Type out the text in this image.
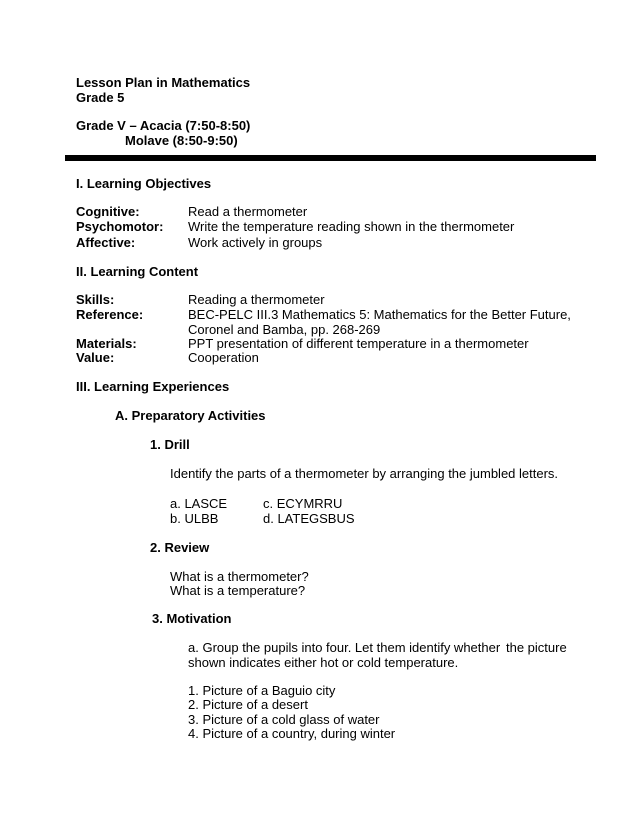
Lesson Plan in Mathematics
Grade 5
Grade V – Acacia (7:50-8:50)
Molave (8:50-9:50)
I. Learning Objectives
Cognitive:	Read a thermometer
Psychomotor: Write the temperature reading shown in the thermometer
Affective:	Work actively in groups
II. Learning Content
Skills:	Reading a thermometer
Reference:	BEC-PELC III.3 Mathematics 5: Mathematics for the Better Future,
Coronel and Bamba, pp. 268-269
Materials:	PPT presentation of different temperature in a thermometer
Value:	Cooperation
III. Learning Experiences
A. Preparatory Activities
1. Drill
Identify the parts of a thermometer by arranging the jumbled letters.
a. LASCE	c. ECYMRRU
b. ULBB	d. LATEGSBUS
2. Review
What is a thermometer?
What is a temperature?
3. Motivation
a. Group the pupils into four. Let them identify whether the picture
shown indicates either hot or cold temperature.
1. Picture of a Baguio city
2. Picture of a desert
3. Picture of a cold glass of water
4. Picture of a country, during winter
